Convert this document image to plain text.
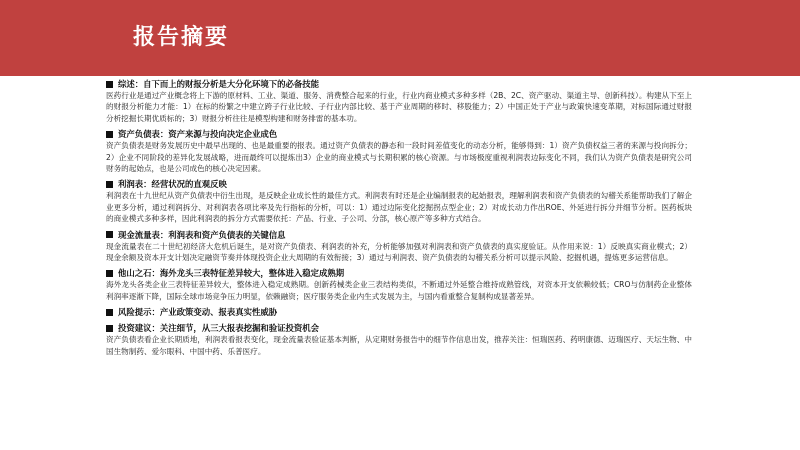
报告摘要
综述：自下而上的财报分析是大分化环境下的必备技能
医药行业是通过产业概念将上下游的原材料、工业、渠道、服务、消费整合起来的行业，行业内商业模式多种多样（2B、2C、资产驱动、渠道主导、创新科技）。构建从下至上的财报分析能力才能：1）在标的纷繁之中建立跨子行业比较、子行业内部比较、基于产业周期的移时、移股能力；2）中国正处于产业与政策快速变革期，对标国际通过财报分析挖掘长期优质标的；3）财报分析往往是模型构建和财务排雷的基本功。
资产负债表：资产来源与投向决定企业成色
资产负债表是财务发展历史中最早出现的、也是最重要的报表。通过资产负债表的静态和一段时间差值变化的动态分析，能够得到：1）资产负债权益三者的来源与投向拆分；2）企业不同阶段的差异化发展战略，进而最终可以提炼出3）企业的商业模式与长期积累的核心资源。与市场极度重视利润表边际变化不同，我们认为资产负债表是研究公司财务的起始点，也是公司成色的核心决定因素。
利润表：经营状况的直观反映
利润表在十九世纪从资产负债表中衍生出现，是反映企业成长性的最佳方式。利润表有时还是企业编制报表的起始报表，理解利润表和资产负债表的勾稽关系能帮助我们了解企业更多分析，通过利润拆分、对利润表各项比率及先行指标的分析，可以：1）通过边际变化挖掘拐点型企业；2）对成长动力作出ROE、外延进行拆分并细节分析。医药板块的商业模式多种多样，因此利润表的拆分方式需要依托：产品、行业、子公司、分部，核心原产等多种方式结合。
现金流量表：利润表和资产负债表的关键信息
现金流量表在二十世纪初经济大危机后诞生，是对资产负债表、利润表的补充，分析能够加强对利润表和资产负债表的真实度验证。从作用来说：1）反映真实商业模式；2）现金余额及资本开支计划决定融资节奏并体现投资企业大周期的有效衔接；3）通过与利润表、资产负债表的勾稽关系分析可以提示风险、挖掘机遇，提炼更多运营信息。
他山之石：海外龙头三表特征差异较大，整体进入稳定成熟期
海外龙头各类企业三表特征差异较大，整体进入稳定成熟期。创新药械类企业三表结构类似，不断通过外延整合维持成熟管线，对资本开支依赖较低；CRO与仿制药企业整体利润率逐渐下降，国际全球市场竞争压力明显，依赖融资；医疗服务类企业内生式发展为主，与国内看重整合复制构成显著差异。
风险提示：产业政策变动、报表真实性威胁
投资建议：关注细节，从三大报表挖掘和验证投资机会
资产负债表看企业长期质地，利润表看报表变化，现金流量表验证基本判断，从定期财务报告中的细节作信息出发，推荐关注：恒瑞医药、药明康德、迈瑞医疗、天坛生物、中国生物制药、爱尔眼科、中国中药、乐普医疗。
